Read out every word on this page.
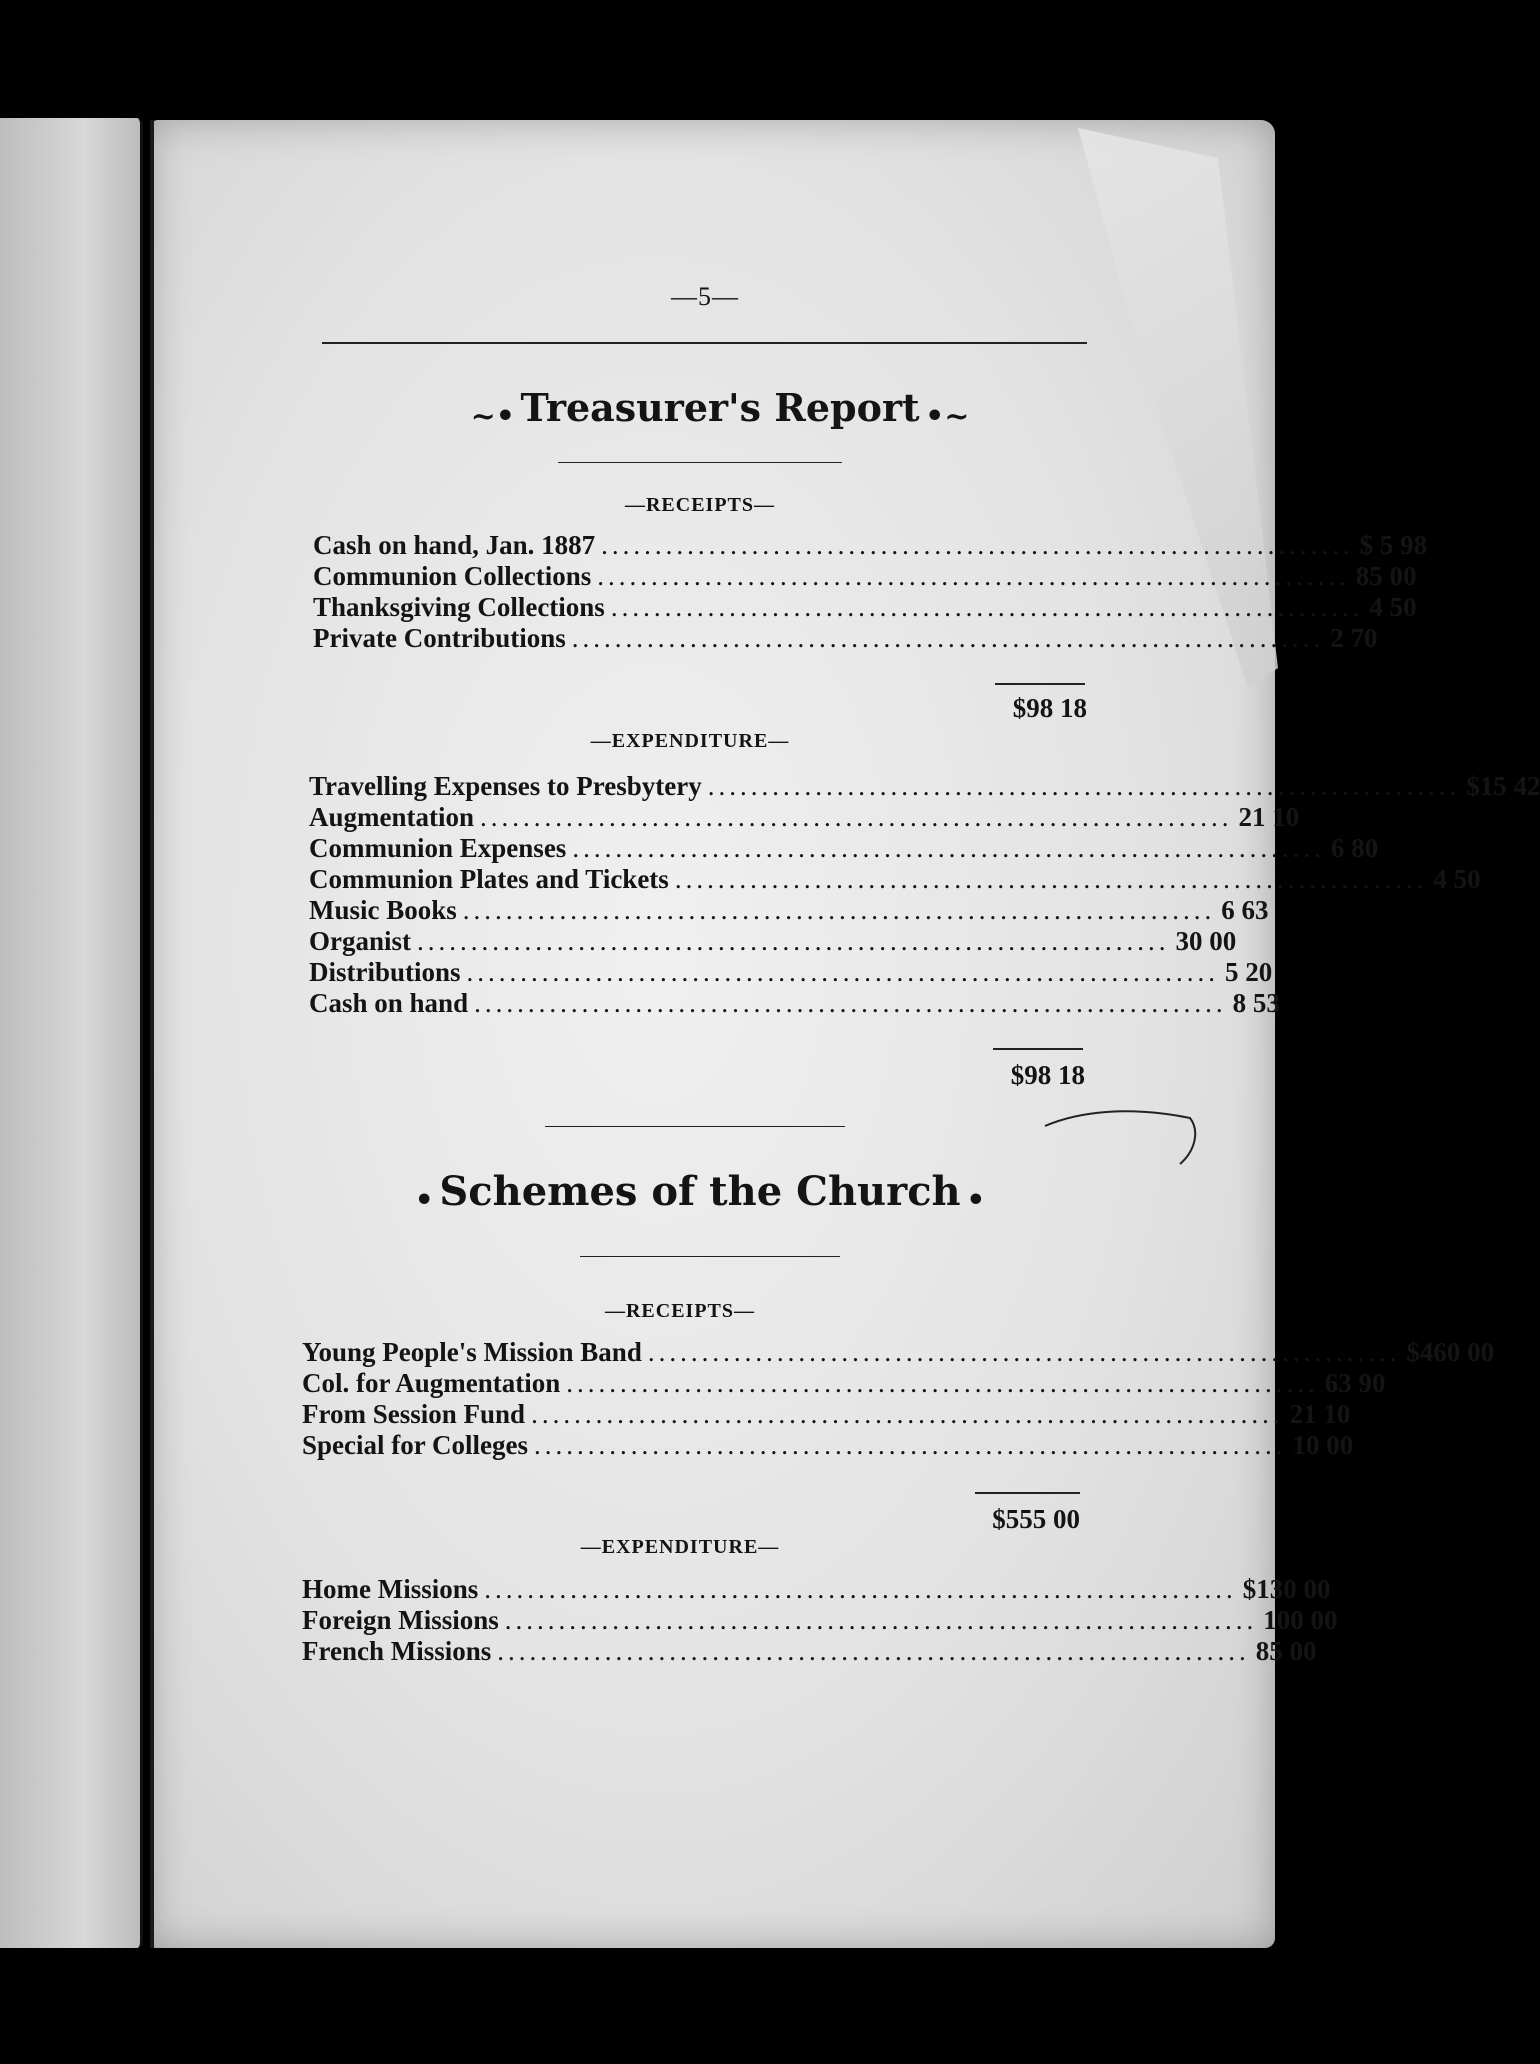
—5—
~• Treasurer's Report •~
—RECEIPTS—
Cash on hand, Jan. 1887 ...................................................................... $ 5 98
Communion Collections ...................................................................... 85 00
Thanksgiving Collections ...................................................................... 4 50
Private Contributions ...................................................................... 2 70
$98 18
—EXPENDITURE—
Travelling Expenses to Presbytery ...................................................................... $15 42
Augmentation ...................................................................... 21 10
Communion Expenses ...................................................................... 6 80
Communion Plates and Tickets ...................................................................... 4 50
Music Books ...................................................................... 6 63
Organist ...................................................................... 30 00
Distributions ...................................................................... 5 20
Cash on hand ...................................................................... 8 53
$98 18
• Schemes of the Church •
—RECEIPTS—
Young People's Mission Band ...................................................................... $460 00
Col. for Augmentation ...................................................................... 63 90
From Session Fund ...................................................................... 21 10
Special for Colleges ...................................................................... 10 00
$555 00
—EXPENDITURE—
Home Missions ...................................................................... $130 00
Foreign Missions ...................................................................... 100 00
French Missions ...................................................................... 85 00
